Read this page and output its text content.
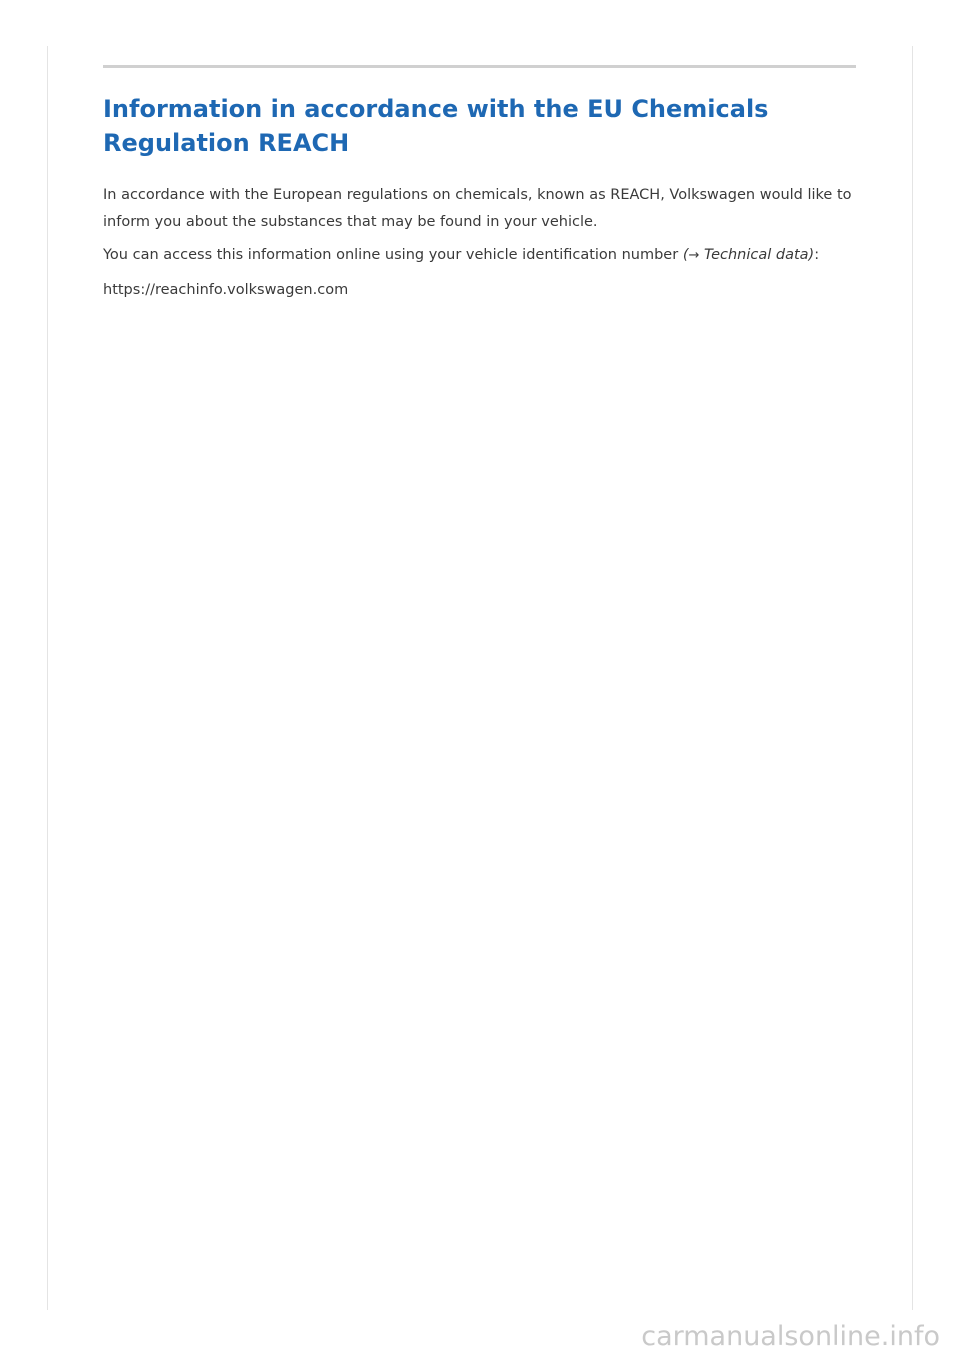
Information in accordance with the EU Chemicals Regulation REACH

In accordance with the European regulations on chemicals, known as REACH, Volkswagen would like to inform you about the substances that may be found in your vehicle.

You can access this information online using your vehicle identification number (→ Technical data):

https://reachinfo.volkswagen.com

carmanualsonline.info
